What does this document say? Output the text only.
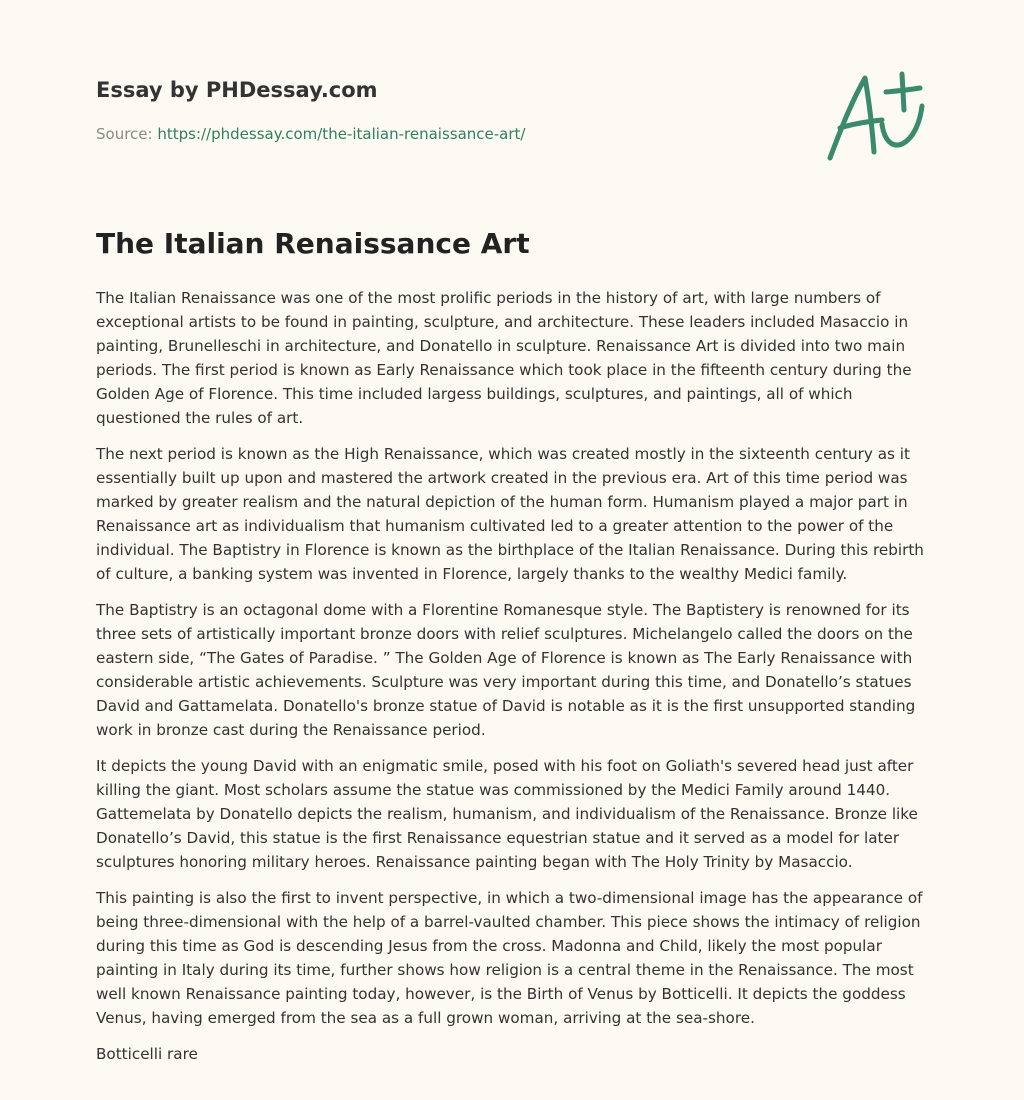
Essay by PHDessay.com
Source: https://phdessay.com/the-italian-renaissance-art/
The Italian Renaissance Art

The Italian Renaissance was one of the most prolific periods in the history of art, with large numbers of exceptional artists to be found in painting, sculpture, and architecture. These leaders included Masaccio in painting, Brunelleschi in architecture, and Donatello in sculpture. Renaissance Art is divided into two main periods. The first period is known as Early Renaissance which took place in the fifteenth century during the Golden Age of Florence. This time included largess buildings, sculptures, and paintings, all of which questioned the rules of art.

The next period is known as the High Renaissance, which was created mostly in the sixteenth century as it essentially built up upon and mastered the artwork created in the previous era. Art of this time period was marked by greater realism and the natural depiction of the human form. Humanism played a major part in Renaissance art as individualism that humanism cultivated led to a greater attention to the power of the individual. The Baptistry in Florence is known as the birthplace of the Italian Renaissance. During this rebirth of culture, a banking system was invented in Florence, largely thanks to the wealthy Medici family.

The Baptistry is an octagonal dome with a Florentine Romanesque style. The Baptistery is renowned for its three sets of artistically important bronze doors with relief sculptures. Michelangelo called the doors on the eastern side, “The Gates of Paradise. ” The Golden Age of Florence is known as The Early Renaissance with considerable artistic achievements. Sculpture was very important during this time, and Donatello’s statues David and Gattamelata. Donatello's bronze statue of David is notable as it is the first unsupported standing work in bronze cast during the Renaissance period.

It depicts the young David with an enigmatic smile, posed with his foot on Goliath's severed head just after killing the giant. Most scholars assume the statue was commissioned by the Medici Family around 1440. Gattemelata by Donatello depicts the realism, humanism, and individualism of the Renaissance. Bronze like Donatello’s David, this statue is the first Renaissance equestrian statue and it served as a model for later sculptures honoring military heroes. Renaissance painting began with The Holy Trinity by Masaccio.

This painting is also the first to invent perspective, in which a two-dimensional image has the appearance of being three-dimensional with the help of a barrel-vaulted chamber. This piece shows the intimacy of religion during this time as God is descending Jesus from the cross. Madonna and Child, likely the most popular painting in Italy during its time, further shows how religion is a central theme in the Renaissance. The most well known Renaissance painting today, however, is the Birth of Venus by Botticelli. It depicts the goddess Venus, having emerged from the sea as a full grown woman, arriving at the sea-shore.

Botticelli rare
